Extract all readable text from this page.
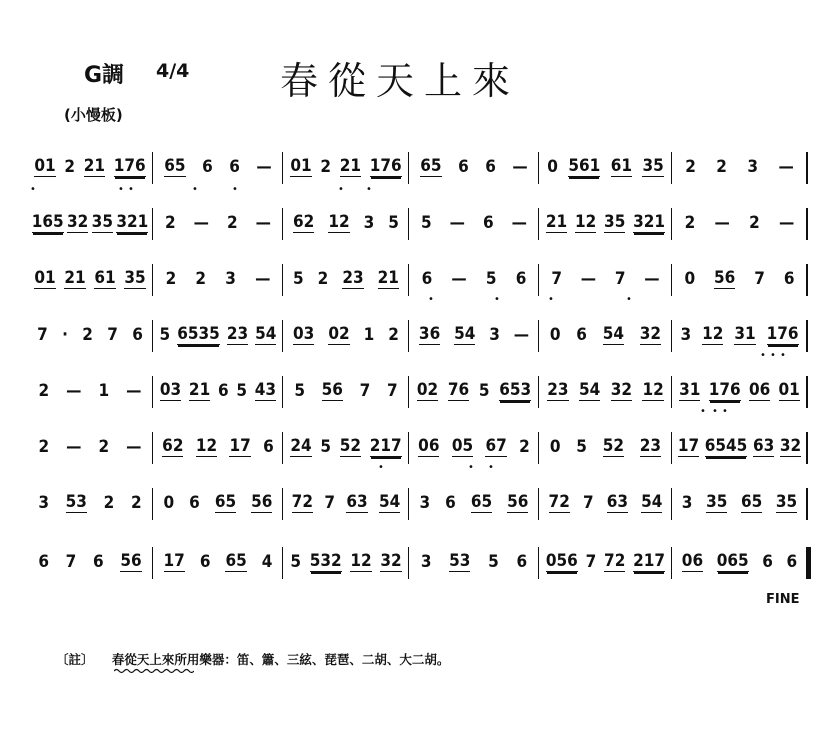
G調 4/4 春從天上來
(小慢板)
01 2 21 176 65 6 6 — 01 2 21 176 65 6 6 — 0 561 61 35 2 2 3 —
165 32 35 321 2 — 2 — 62 12 3 5 5 — 6 — 21 12 35 321 2 — 2 —
01 21 61 35 2 2 3 — 5 2 23 21 6 — 5 6 7 — 7 — 0 56 7 6
7 · 2 7 6 5 6535 23 54 03 02 1 2 36 54 3 — 0 6 54 32 3 12 31 176
2 — 1 — 03 21 6 5 43 5 56 7 7 02 76 5 653 23 54 32 12 31 176 06 01
2 — 2 — 62 12 17 6 24 5 52 217 06 05 67 2 0 5 52 23 17 6545 63 32
3 53 2 2 0 6 65 56 72 7 63 54 3 6 65 56 72 7 63 54 3 35 65 35
6 7 6 56 17 6 65 4 5 532 12 32 3 53 5 6 056 7 72 217 06 065 6 6
FINE
〔註〕 春從天上來所用樂器：笛、簫、三絃、琵琶、二胡、大二胡。
•	• •	•	•	• •
•	•	•	•
•
•
•
• •
•
•	• •
